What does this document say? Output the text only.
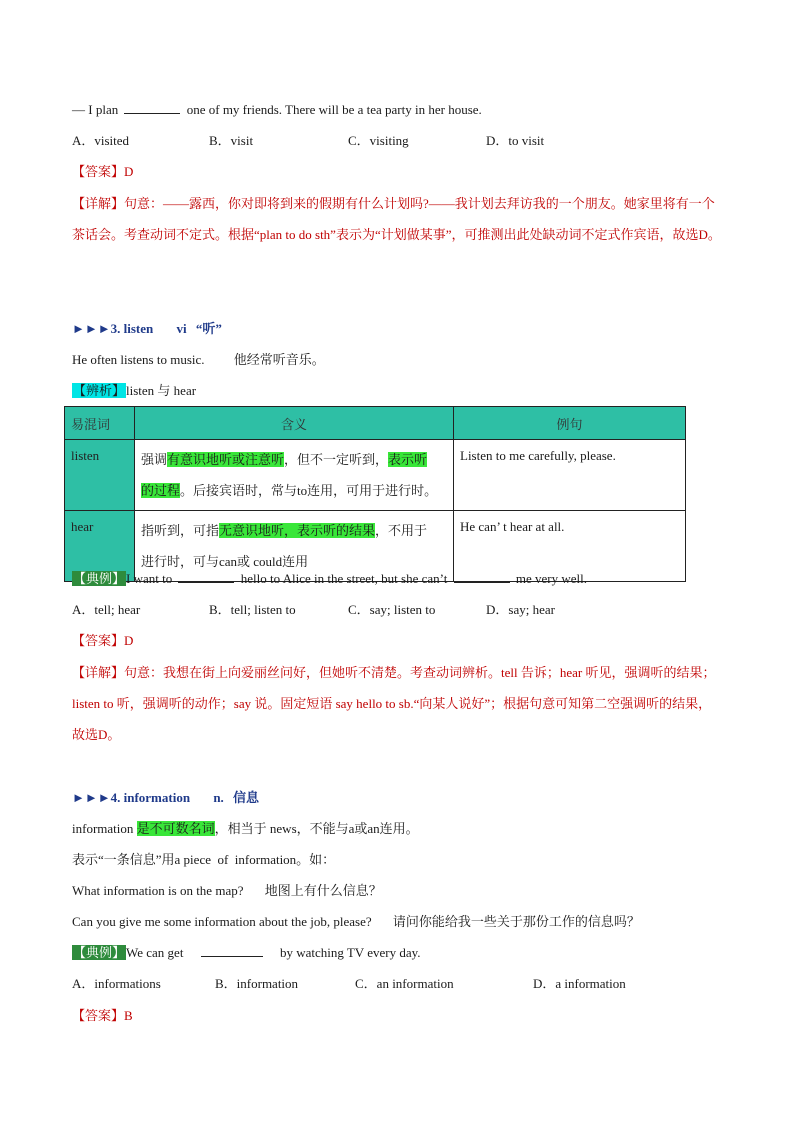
— I plan	one of my friends. There will be a tea party in her house.
A．visited	B．visit	C．visiting	D．to visit
【答案】D
【详解】句意：——露西，你对即将到来的假期有什么计划吗?——我计划去拜访我的一个朋友。她家里将有一个茶话会。考查动词不定式。根据“plan to do sth”表示为“计划做某事”，可推测出此处缺动词不定式作宾语，故选D。
►►►3. listen vi “听”
He often listens to music. 他经常听音乐。
【辨析】listen 与 hear
易混词	含义	例句
listen	强调有意识地听或注意听，但不一定听到，表示听
的过程。后接宾语时，常与to连用，可用于进行时。	Listen to me carefully, please.
hear	指听到，可指无意识地听，表示听的结果，不用于
进行时，可与can或 could连用	He can’ t hear at all.
【典例】I want to	hello to Alice in the street, but she can’t	me very well.
A．tell; hear	B．tell; listen to	C．say; listen to	D．say; hear
【答案】D
【详解】句意：我想在街上向爱丽丝问好，但她听不清楚。考查动词辨析。tell 告诉；hear 听见，强调听的结果；listen to 听，强调听的动作；say 说。固定短语 say hello to sb.“向某人说好”；根据句意可知第二空强调听的结果，故选D。
►►►4. information n. 信息
information 是不可数名词，相当于 news，不能与a或an连用。
表示“一条信息”用a piece  of  information。如：
What information is on the map? 地图上有什么信息？
Can you give me some information about the job, please? 请问你能给我一些关于那份工作的信息吗？
【典例】We can get	by watching TV every day.
A．informations	B．information	C．an information	D．a information
【答案】B
